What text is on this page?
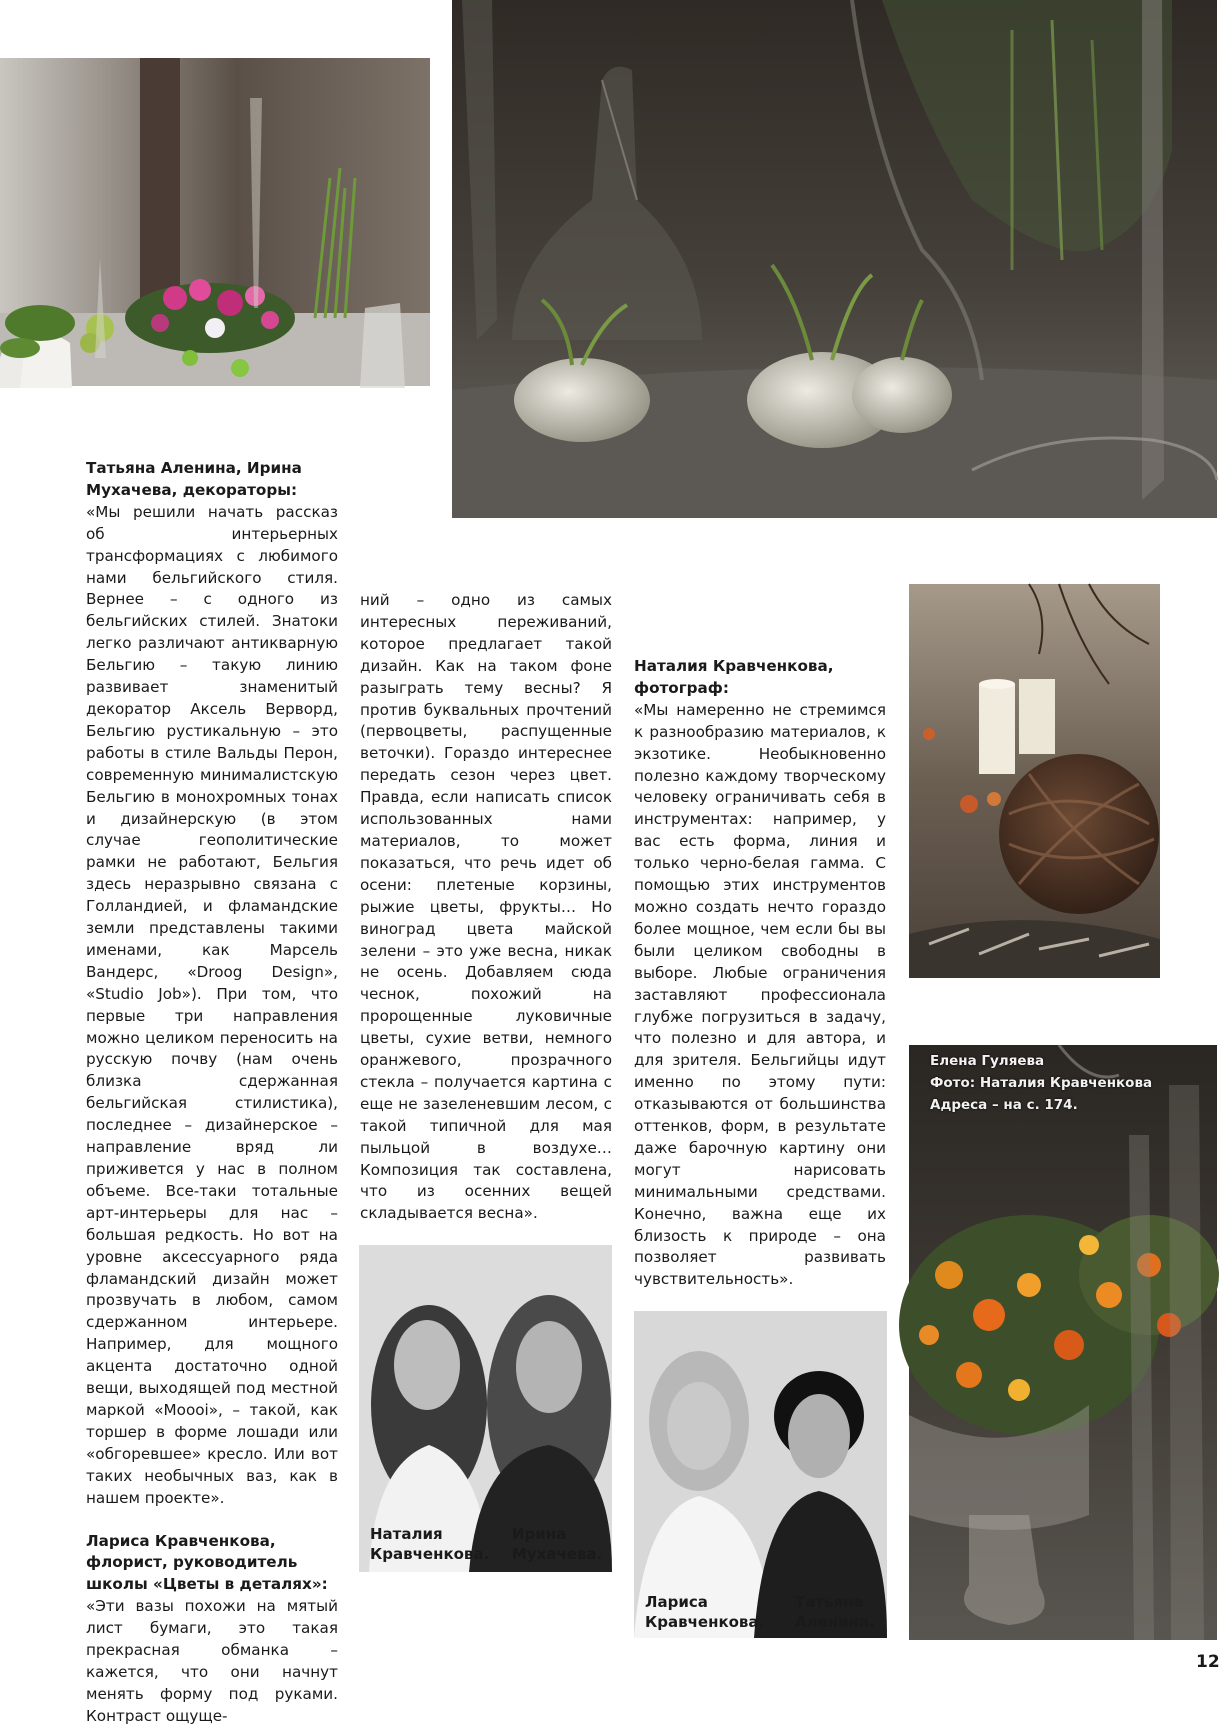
Наталия Кравченкова.
Ирина Мухачева.
Лариса Кравченкова.
Татьяна Аленина.

Татьяна Аленина, Ирина Мухачева, декораторы:

«Мы решили начать рассказ об интерьерных трансформациях с любимого нами бельгийского стиля. Вернее – с одного из бельгийских стилей. Знатоки легко различают антикварную Бельгию – такую линию развивает знаменитый декоратор Аксель Верворд, Бельгию рустикальную – это работы в стиле Вальды Перон, современную минималистскую Бельгию в монохромных тонах и дизайнерскую (в этом случае геополитические рамки не работают, Бельгия здесь неразрывно связана с Голландией, и фламандские земли представлены такими именами, как Марсель Вандерс, «Droog Design», «Studio Job»). При том, что первые три направления можно целиком переносить на русскую почву (нам очень близка сдержанная бельгийская стилистика), последнее – дизайнерское – направление вряд ли приживется у нас в полном объеме. Все-таки тотальные арт-интерьеры для нас – большая редкость. Но вот на уровне аксессуарного ряда фламандский дизайн может прозвучать в любом, самом сдержанном интерьере. Например, для мощного акцента достаточно одной вещи, выходящей под местной маркой «Moooi», – такой, как торшер в форме лошади или «обгоревшее» кресло. Или вот таких необычных ваз, как в нашем проекте».

Лариса Кравченкова, флорист, руководитель школы «Цветы в деталях»:

«Эти вазы похожи на мятый лист бумаги, это такая прекрасная обманка – кажется, что они начнут менять форму под руками. Контраст ощуще-

ний – одно из самых интересных переживаний, которое предлагает такой дизайн. Как на таком фоне разыграть тему весны? Я против буквальных прочтений (первоцветы, распущенные веточки). Гораздо интереснее передать сезон через цвет. Правда, если написать список использованных нами материалов, то может показаться, что речь идет об осени: плетеные корзины, рыжие цветы, фрукты… Но виноград цвета майской зелени – это уже весна, никак не осень. Добавляем сюда чеснок, похожий на пророщенные луковичные цветы, сухие ветви, немного оранжевого, прозрачного стекла – получается картина с еще не зазеленевшим лесом, с такой типичной для мая пыльцой в воздухе… Композиция так составлена, что из осенних вещей складывается весна».

Наталия Кравченкова, фотограф:

«Мы намеренно не стремимся к разнообразию материалов, к экзотике. Необыкновенно полезно каждому творческому человеку ограничивать себя в инструментах: например, у вас есть форма, линия и только черно-белая гамма. С помощью этих инструментов можно создать нечто гораздо более мощное, чем если бы вы были целиком свободны в выборе. Любые ограничения заставляют профессионала глубже погрузиться в задачу, что полезно и для автора, и для зрителя. Бельгийцы идут именно по этому пути: отказываются от большинства оттенков, форм, в результате даже барочную картину они могут нарисовать минимальными средствами. Конечно, важна еще их близость к природе – она позволяет развивать чувствительность».

Елена Гуляева
Фото: Наталия Кравченкова
Адреса – на с. 174.
12
